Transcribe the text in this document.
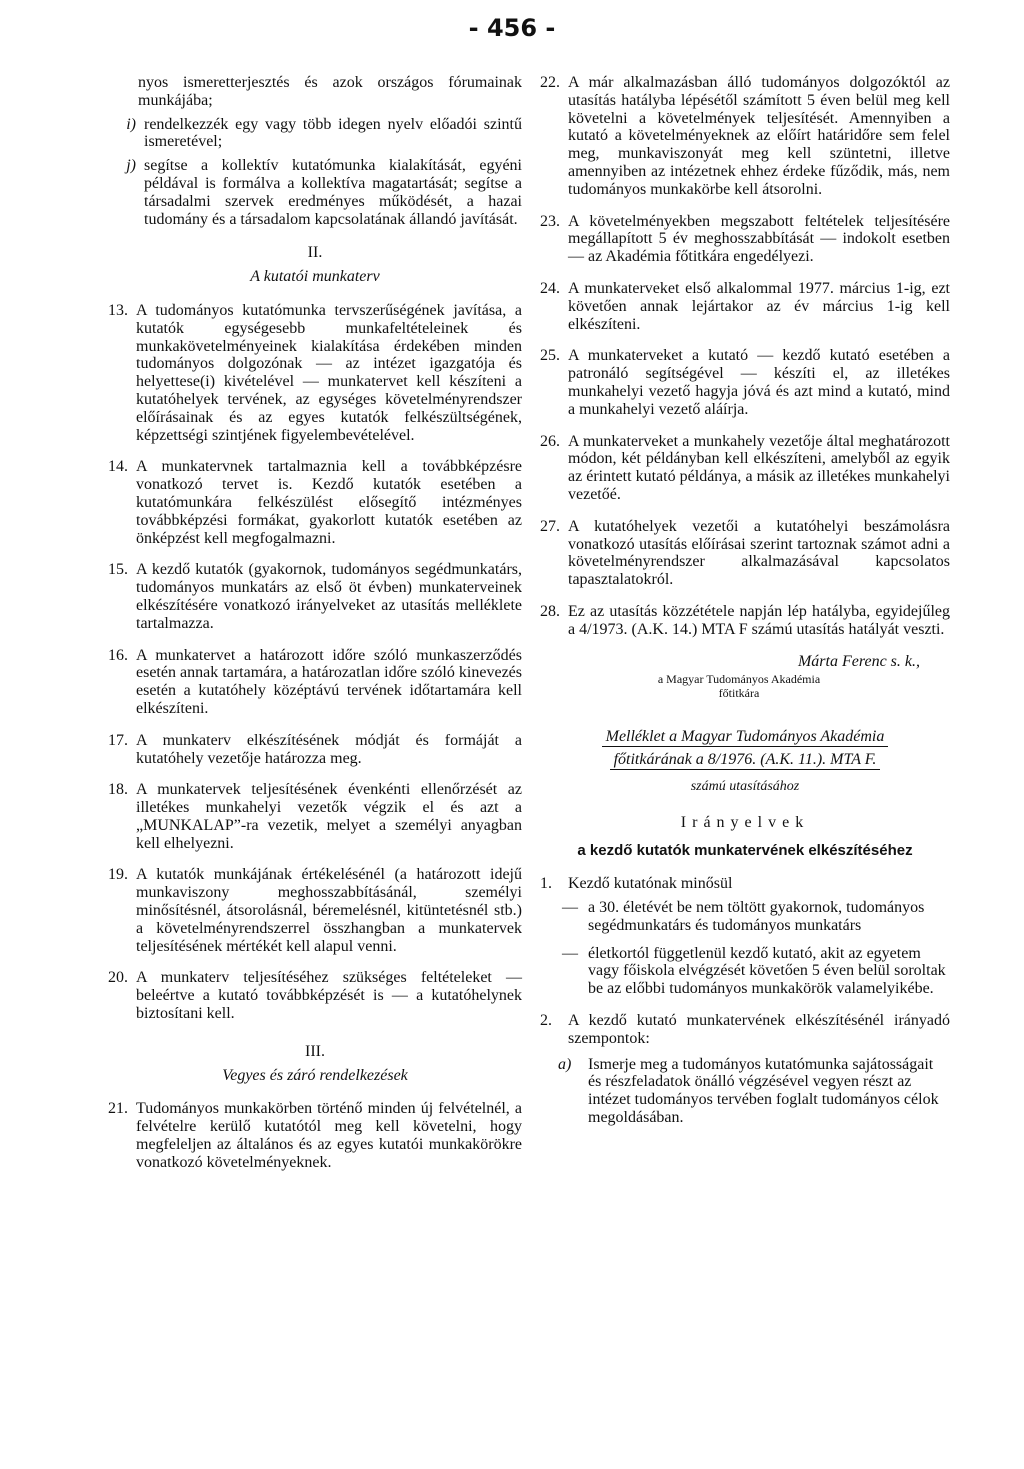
- 456 -

nyos ismeretterjesztés és azok országos fórumainak munkájába;

i) rendelkezzék egy vagy több idegen nyelv előadói szintű ismeretével;
j) segítse a kollektív kutatómunka kialakítását, egyéni példával is formálva a kollektíva magatartását; segítse a társadalmi szervek eredményes működését, a hazai tudomány és a társadalom kapcsolatának állandó javítását.
II.
A kutatói munkaterv
13. A tudományos kutatómunka tervszerűségének javítása, a kutatók egységesebb munkafeltételeinek és munkakövetelményeinek kialakítása érdekében minden tudományos dolgozónak — az intézet igazgatója és helyettese(i) kivételével — munkatervet kell készíteni a kutatóhelyek tervének, az egységes követelményrendszer előírásainak és az egyes kutatók felkészültségének, képzettségi szintjének figyelembevételével.
14. A munkatervnek tartalmaznia kell a továbbképzésre vonatkozó tervet is. Kezdő kutatók esetében a kutatómunkára felkészülést elősegítő intézményes továbbképzési formákat, gyakorlott kutatók esetében az önképzést kell megfogalmazni.
15. A kezdő kutatók (gyakornok, tudományos segédmunkatárs, tudományos munkatárs az első öt évben) munkaterveinek elkészítésére vonatkozó irányelveket az utasítás melléklete tartalmazza.
16. A munkatervet a határozott időre szóló munkaszerződés esetén annak tartamára, a határozatlan időre szóló kinevezés esetén a kutatóhely középtávú tervének időtartamára kell elkészíteni.
17. A munkaterv elkészítésének módját és formáját a kutatóhely vezetője határozza meg.
18. A munkatervek teljesítésének évenkénti ellenőrzését az illetékes munkahelyi vezetők végzik el és azt a „MUNKALAP”-ra vezetik, melyet a személyi anyagban kell elhelyezni.
19. A kutatók munkájának értékelésénél (a határozott idejű munkaviszony meghosszabbításánál, személyi minősítésnél, átsorolásnál, béremelésnél, kitüntetésnél stb.) a követelményrendszerrel összhangban a munkatervek teljesítésének mértékét kell alapul venni.
20. A munkaterv teljesítéséhez szükséges feltételeket — beleértve a kutató továbbképzését is — a kutatóhelynek biztosítani kell.
III.
Vegyes és záró rendelkezések
21. Tudományos munkakörben történő minden új felvételnél, a felvételre kerülő kutatótól meg kell követelni, hogy megfeleljen az általános és az egyes kutatói munkakörökre vonatkozó követelményeknek.
22. A már alkalmazásban álló tudományos dolgozóktól az utasítás hatályba lépésétől számított 5 éven belül meg kell követelni a követelmények teljesítését. Amennyiben a kutató a követelményeknek az előírt határidőre sem felel meg, munkaviszonyát meg kell szüntetni, illetve amennyiben az intézetnek ehhez érdeke fűződik, más, nem tudományos munkakörbe kell átsorolni.
23. A követelményekben megszabott feltételek teljesítésére megállapított 5 év meghosszabbítását — indokolt esetben — az Akadémia főtitkára engedélyezi.
24. A munkaterveket első alkalommal 1977. március 1-ig, ezt követően annak lejártakor az év március 1-ig kell elkészíteni.
25. A munkaterveket a kutató — kezdő kutató esetében a patronáló segítségével — készíti el, az illetékes munkahelyi vezető hagyja jóvá és azt mind a kutató, mind a munkahelyi vezető aláírja.
26. A munkaterveket a munkahely vezetője által meghatározott módon, két példányban kell elkészíteni, amelyből az egyik az érintett kutató példánya, a másik az illetékes munkahelyi vezetőé.
27. A kutatóhelyek vezetői a kutatóhelyi beszámolásra vonatkozó utasítás előírásai szerint tartoznak számot adni a követelményrendszer alkalmazásával kapcsolatos tapasztalatokról.
28. Ez az utasítás közzététele napján lép hatályba, egyidejűleg a 4/1973. (A.K. 14.) MTA F számú utasítás hatályát veszti.
Márta Ferenc s. k.,
a Magyar Tudományos Akadémia
főtitkára
Melléklet a Magyar Tudományos Akadémia
főtitkárának a 8/1976. (A.K. 11.). MTA F.
számú utasításához
Irányelvek
a kezdő kutatók munkatervének elkészítéséhez
1.	Kezdő kutatónak minősül
— a 30. életévét be nem töltött gyakornok, tudományos segédmunkatárs és tudományos munkatárs
— életkortól függetlenül kezdő kutató, akit az egyetem vagy főiskola elvégzését követően 5 éven belül soroltak be az előbbi tudományos munkakörök valamelyikébe.
2.	A kezdő kutató munkatervének elkészítésénél irányadó szempontok:
a)	Ismerje meg a tudományos kutatómunka sajátosságait és részfeladatok önálló végzésével vegyen részt az intézet tudományos tervében foglalt tudományos célok megoldásában.
